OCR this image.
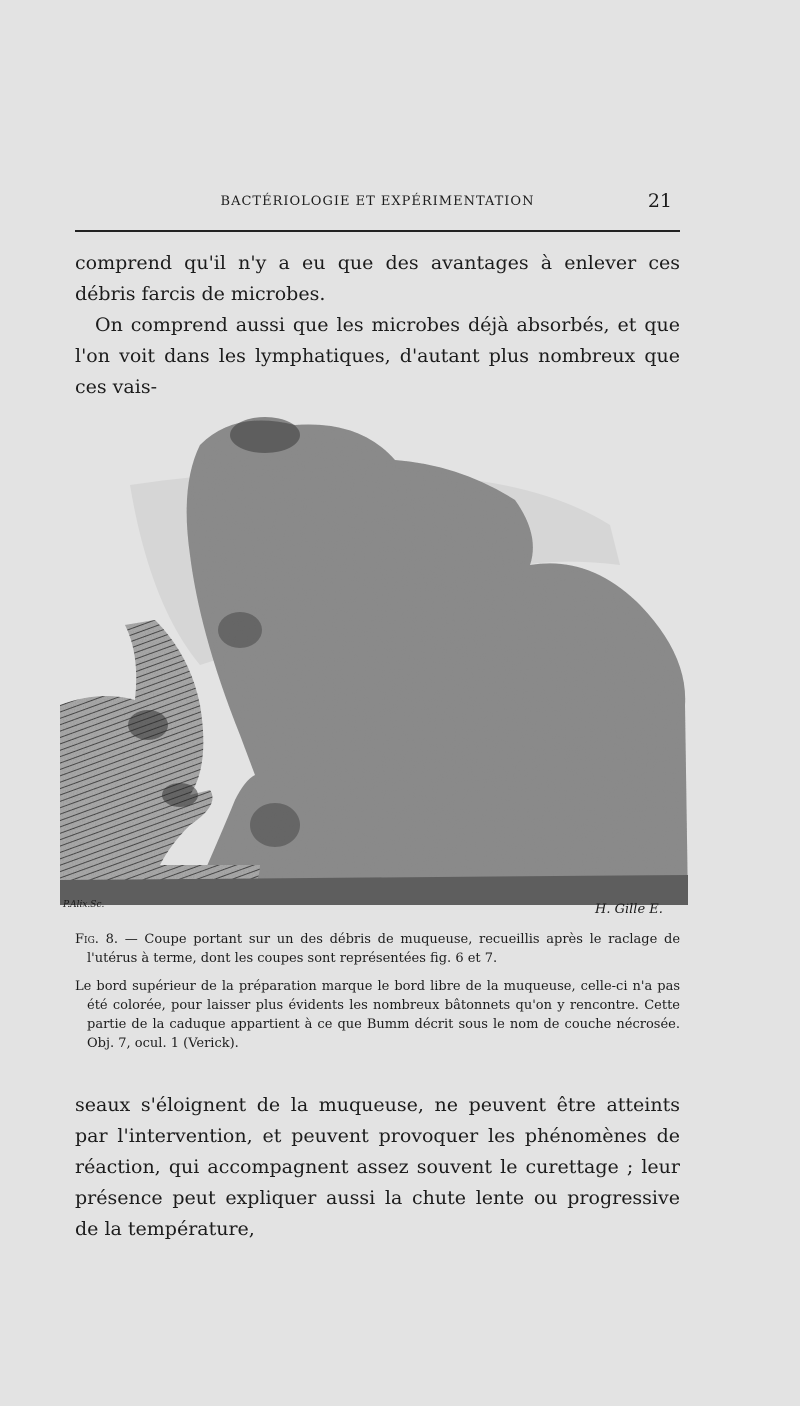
BACTÉRIOLOGIE ET EXPÉRIMENTATION	21

comprend qu'il n'y a eu que des avantages à enlever ces débris farcis de microbes.

On comprend aussi que les microbes déjà absorbés, et que l'on voit dans les lymphatiques, d'autant plus nombreux que ces vais-

P.Alix.Sc.	H. Gille E.

Fig. 8. — Coupe portant sur un des débris de muqueuse, recueillis après le raclage de l'utérus à terme, dont les coupes sont représentées fig. 6 et 7.

Le bord supérieur de la préparation marque le bord libre de la muqueuse, celle-ci n'a pas été colorée, pour laisser plus évidents les nombreux bâtonnets qu'on y rencontre. Cette partie de la caduque appartient à ce que Bumm décrit sous le nom de couche nécrosée. Obj. 7, ocul. 1 (Verick).

seaux s'éloignent de la muqueuse, ne peuvent être atteints par l'intervention, et peuvent provoquer les phénomènes de réaction, qui accompagnent assez souvent le curettage ; leur présence peut expliquer aussi la chute lente ou progressive de la température,
